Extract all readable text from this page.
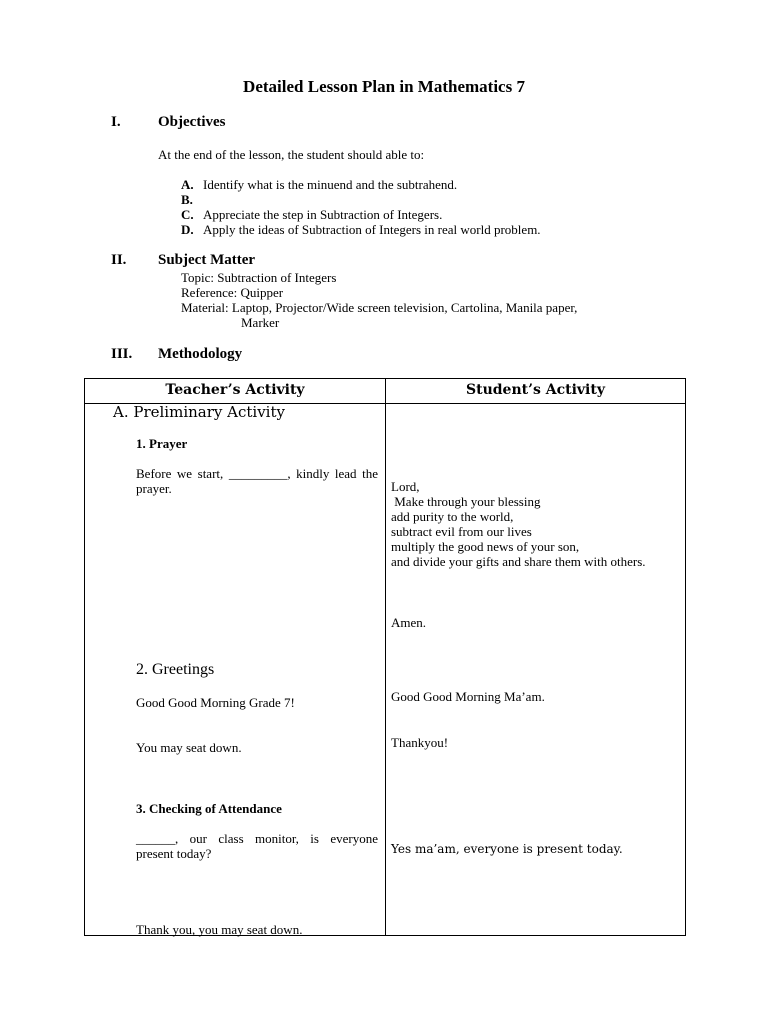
Detailed Lesson Plan in Mathematics 7
I. Objectives
At the end of the lesson, the student should able to:
A. Identify what is the minuend and the subtrahend.
B.
C. Appreciate the step in Subtraction of Integers.
D. Apply the ideas of Subtraction of Integers in real world problem.
II. Subject Matter
Topic: Subtraction of Integers
Reference: Quipper
Material: Laptop, Projector/Wide screen television, Cartolina, Manila paper,
Marker
III. Methodology
Teacher’s Activity	Student’s Activity
A. Preliminary Activity
1. Prayer
Before we start, _________, kindly lead the prayer.
2. Greetings
Good Good Morning Grade 7!
You may seat down.
3. Checking of Attendance
______, our class monitor, is everyone present today?
Thank you, you may seat down.
Lord,
Make through your blessing
add purity to the world,
subtract evil from our lives
multiply the good news of your son,
and divide your gifts and share them with others.
Amen.
Good Good Morning Ma’am.
Thankyou!
Yes ma’am, everyone is present today.
